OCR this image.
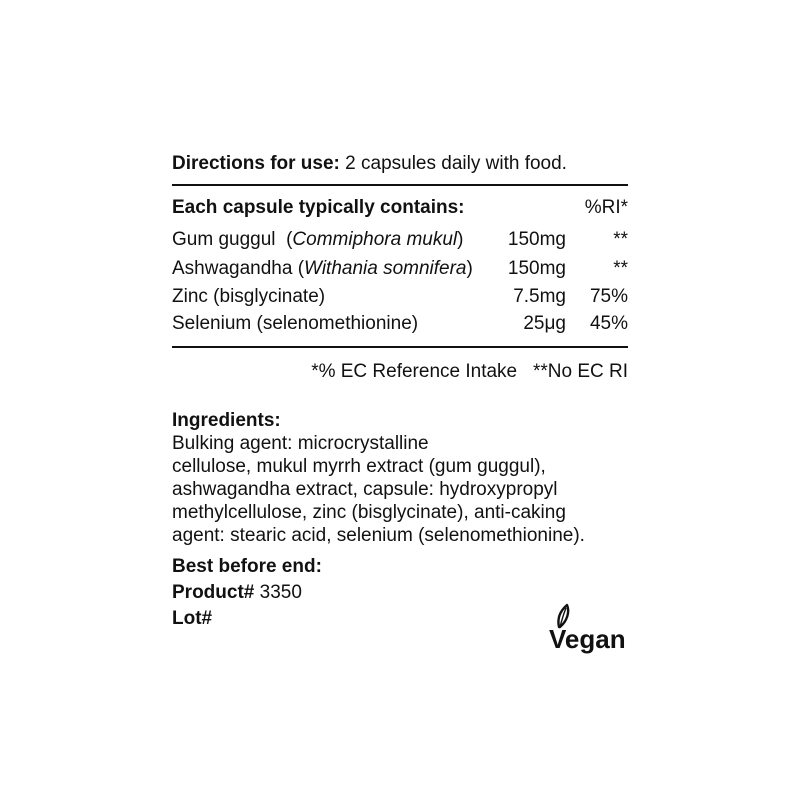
Directions for use: 2 capsules daily with food.
Each capsule typically contains:	%RI*
Gum guggul  (Commiphora mukul) 150mg **
Ashwagandha (Withania somnifera) 150mg **
Zinc (bisglycinate)	7.5mg 75%
Selenium (selenomethionine)	25μg 45%
*% EC Reference Intake   **No EC RI
Ingredients:
Bulking agent: microcrystalline
cellulose, mukul myrrh extract (gum guggul),
ashwagandha extract, capsule: hydroxypropyl
methylcellulose, zinc (bisglycinate), anti-caking
agent: stearic acid, selenium (selenomethionine).
Best before end:
Product# 3350
Lot#
Vegan
